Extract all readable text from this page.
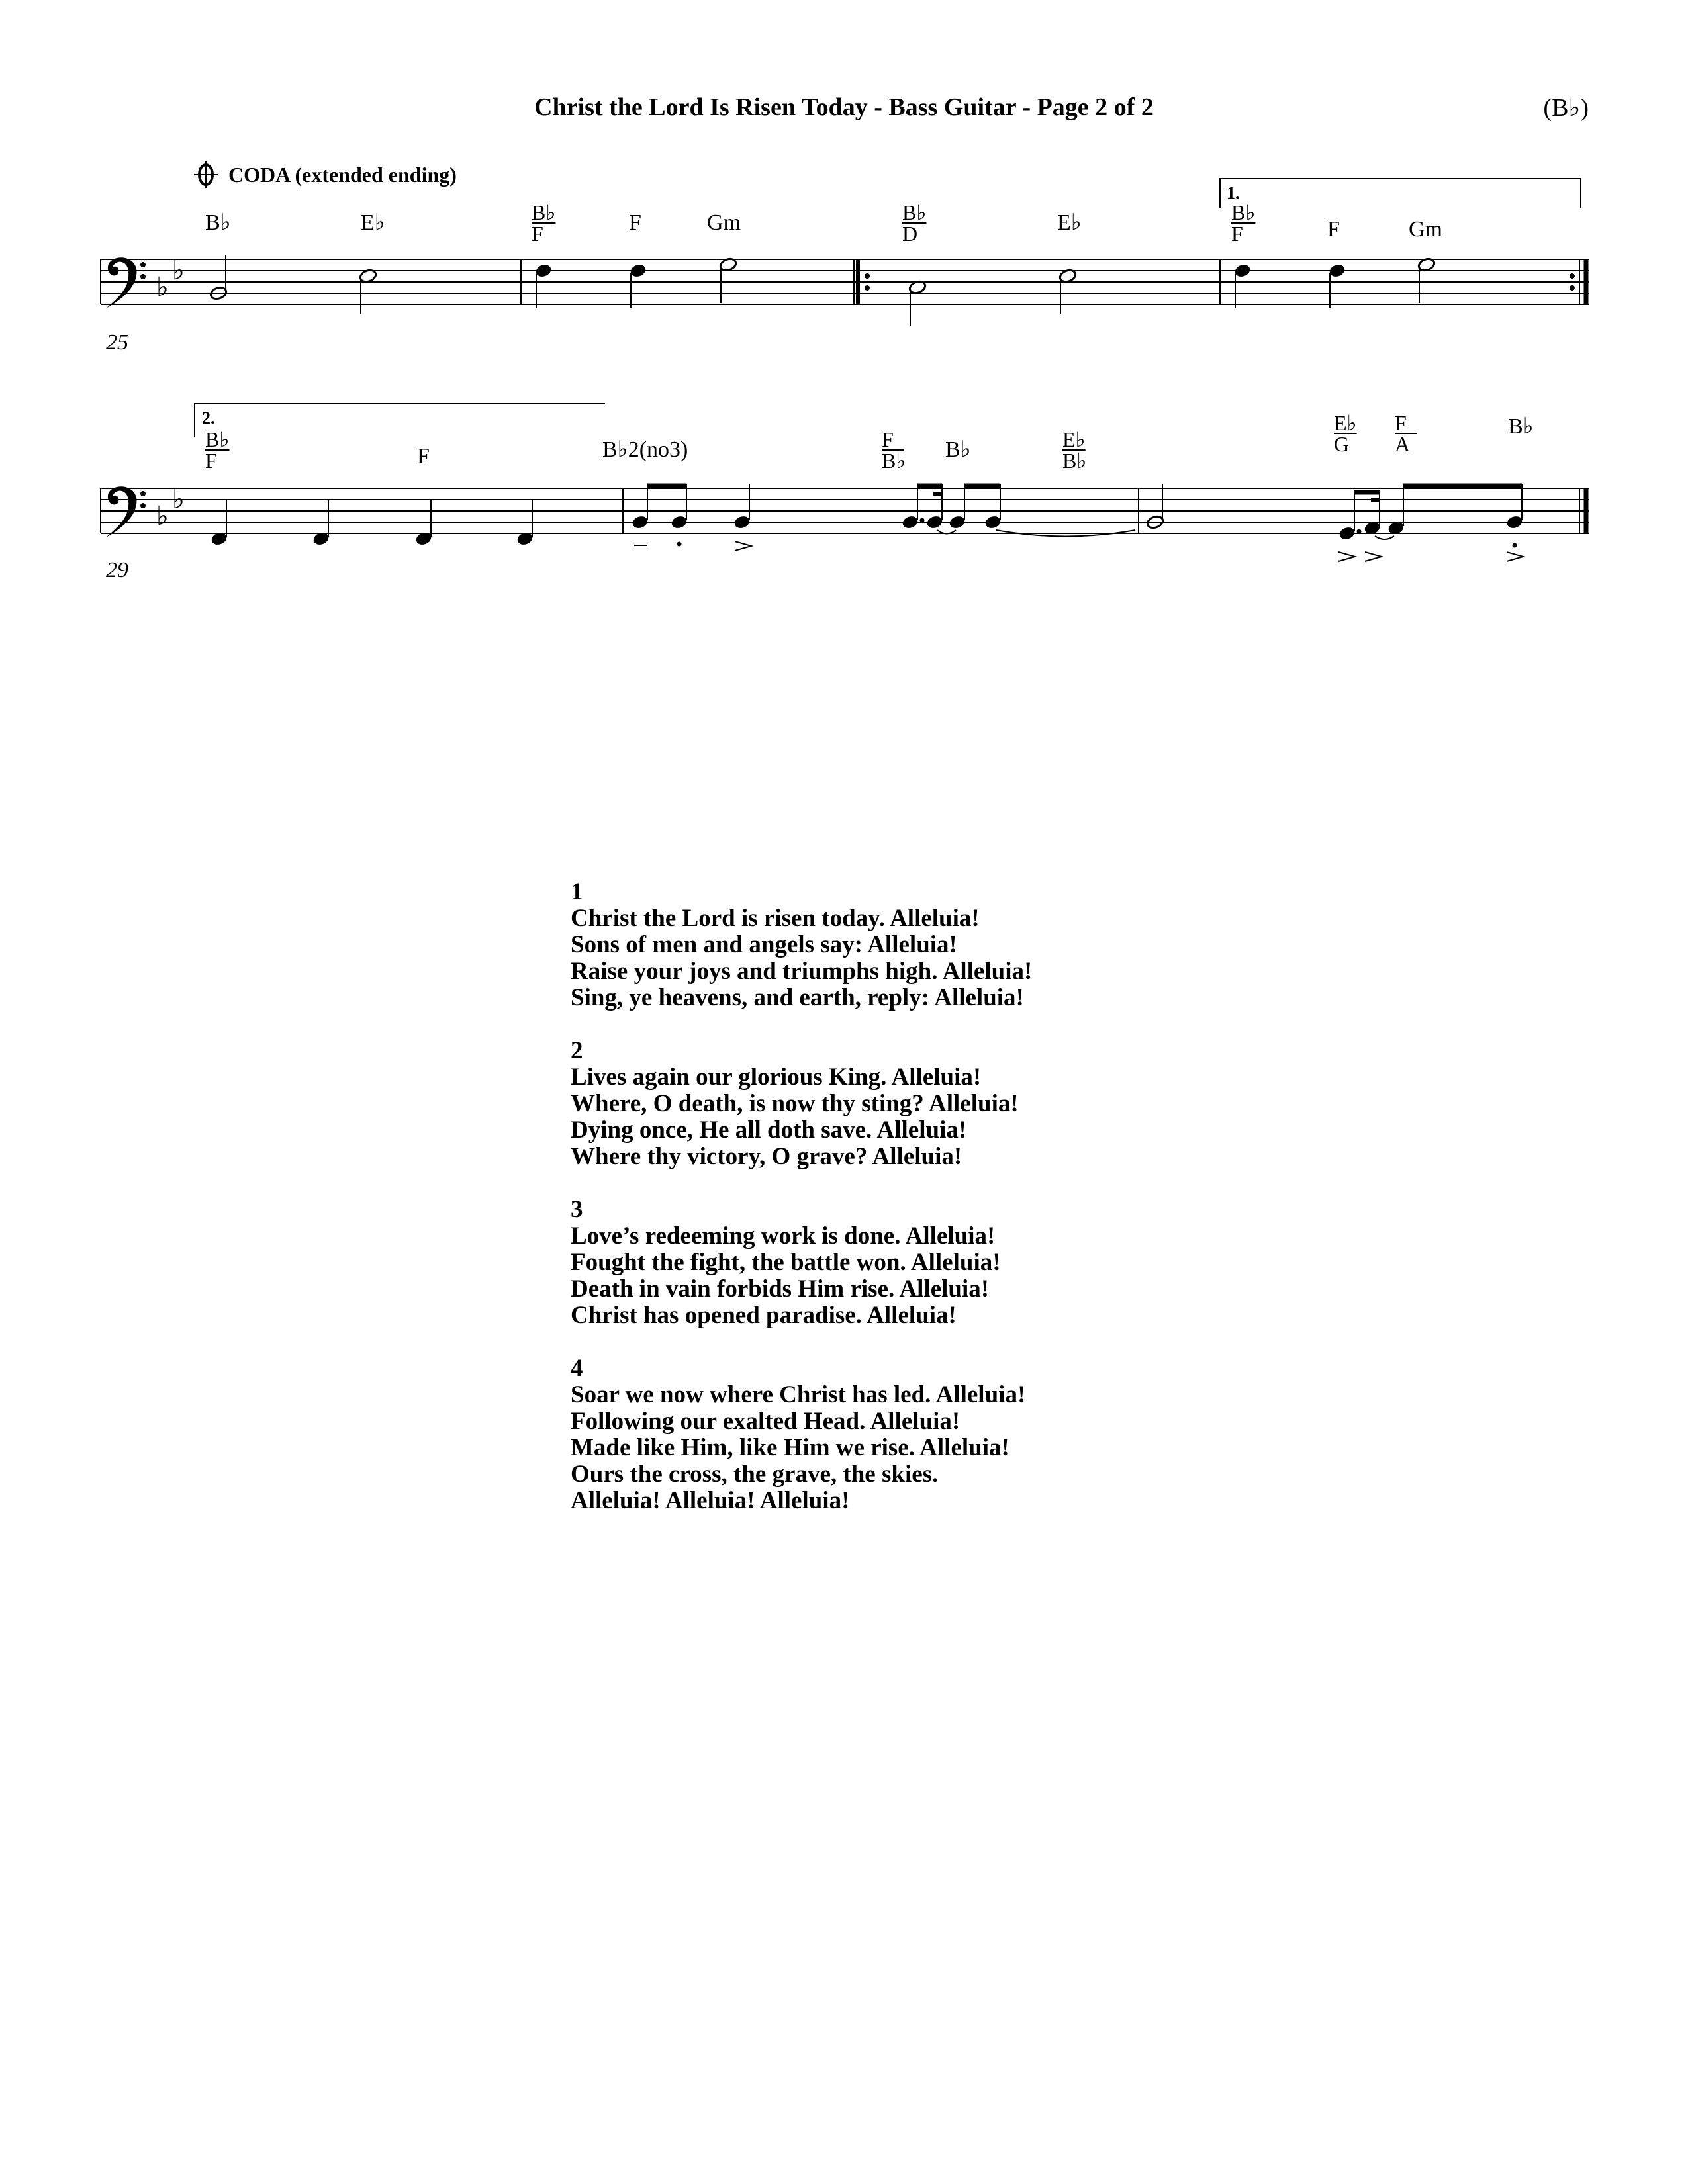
Christ the Lord Is Risen Today - Bass Guitar - Page 2 of 2	(B♭)
CODA (extended ending)
B♭	E♭	B♭ F	F	Gm	B♭ D	E♭	B♭ F	F	Gm
1.
♭
♭
25
2.
B♭ F	F	B♭2(no3)	F B♭ B♭	E♭ B♭
E♭ G
F A
B♭
♭
♭
29
1
Christ the Lord is risen today. Alleluia!
Sons of men and angels say: Alleluia!
Raise your joys and triumphs high. Alleluia!
Sing, ye heavens, and earth, reply: Alleluia!
2
Lives again our glorious King. Alleluia!
Where, O death, is now thy sting? Alleluia!
Dying once, He all doth save. Alleluia!
Where thy victory, O grave? Alleluia!
3
Love’s redeeming work is done. Alleluia!
Fought the fight, the battle won. Alleluia!
Death in vain forbids Him rise. Alleluia!
Christ has opened paradise. Alleluia!
4
Soar we now where Christ has led. Alleluia!
Following our exalted Head. Alleluia!
Made like Him, like Him we rise. Alleluia!
Ours the cross, the grave, the skies.
Alleluia! Alleluia! Alleluia!
